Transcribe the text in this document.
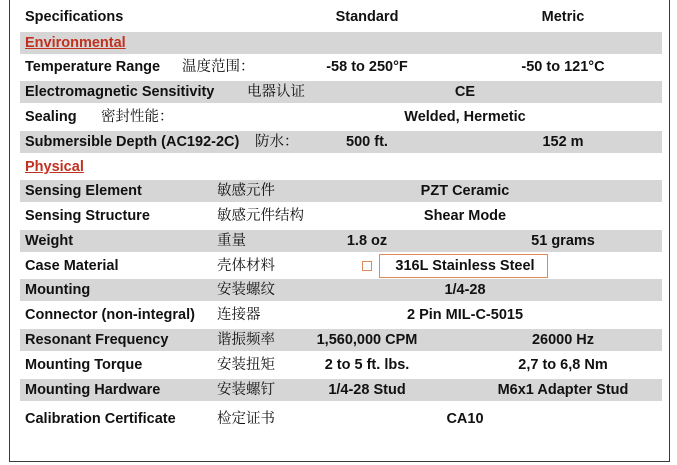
Specifications	Standard	Metric
Environmental
Temperature Range 温度范围：	-58 to 250°F	-50 to 121°C
Electromagnetic Sensitivity 电器认证	CE
Sealing 密封性能：	Welded, Hermetic
Submersible Depth (AC192-2C) 防水：	500 ft.	152 m
Physical
Sensing Element	敏感元件	PZT Ceramic
Sensing Structure	敏感元件结构	Shear Mode
Weight	重量	1.8 oz	51 grams
Case Material	壳体材料	316L Stainless Steel
Mounting	安装螺纹	1/4-28
Connector (non-integral) 连接器	2 Pin MIL-C-5015
Resonant Frequency	谐振频率	1,560,000 CPM	26000 Hz
Mounting Torque	安装扭矩	2 to 5 ft. lbs.	2,7 to 6,8 Nm
Mounting Hardware	安装螺钉	1/4-28 Stud	M6x1 Adapter Stud
Calibration Certificate	检定证书	CA10
